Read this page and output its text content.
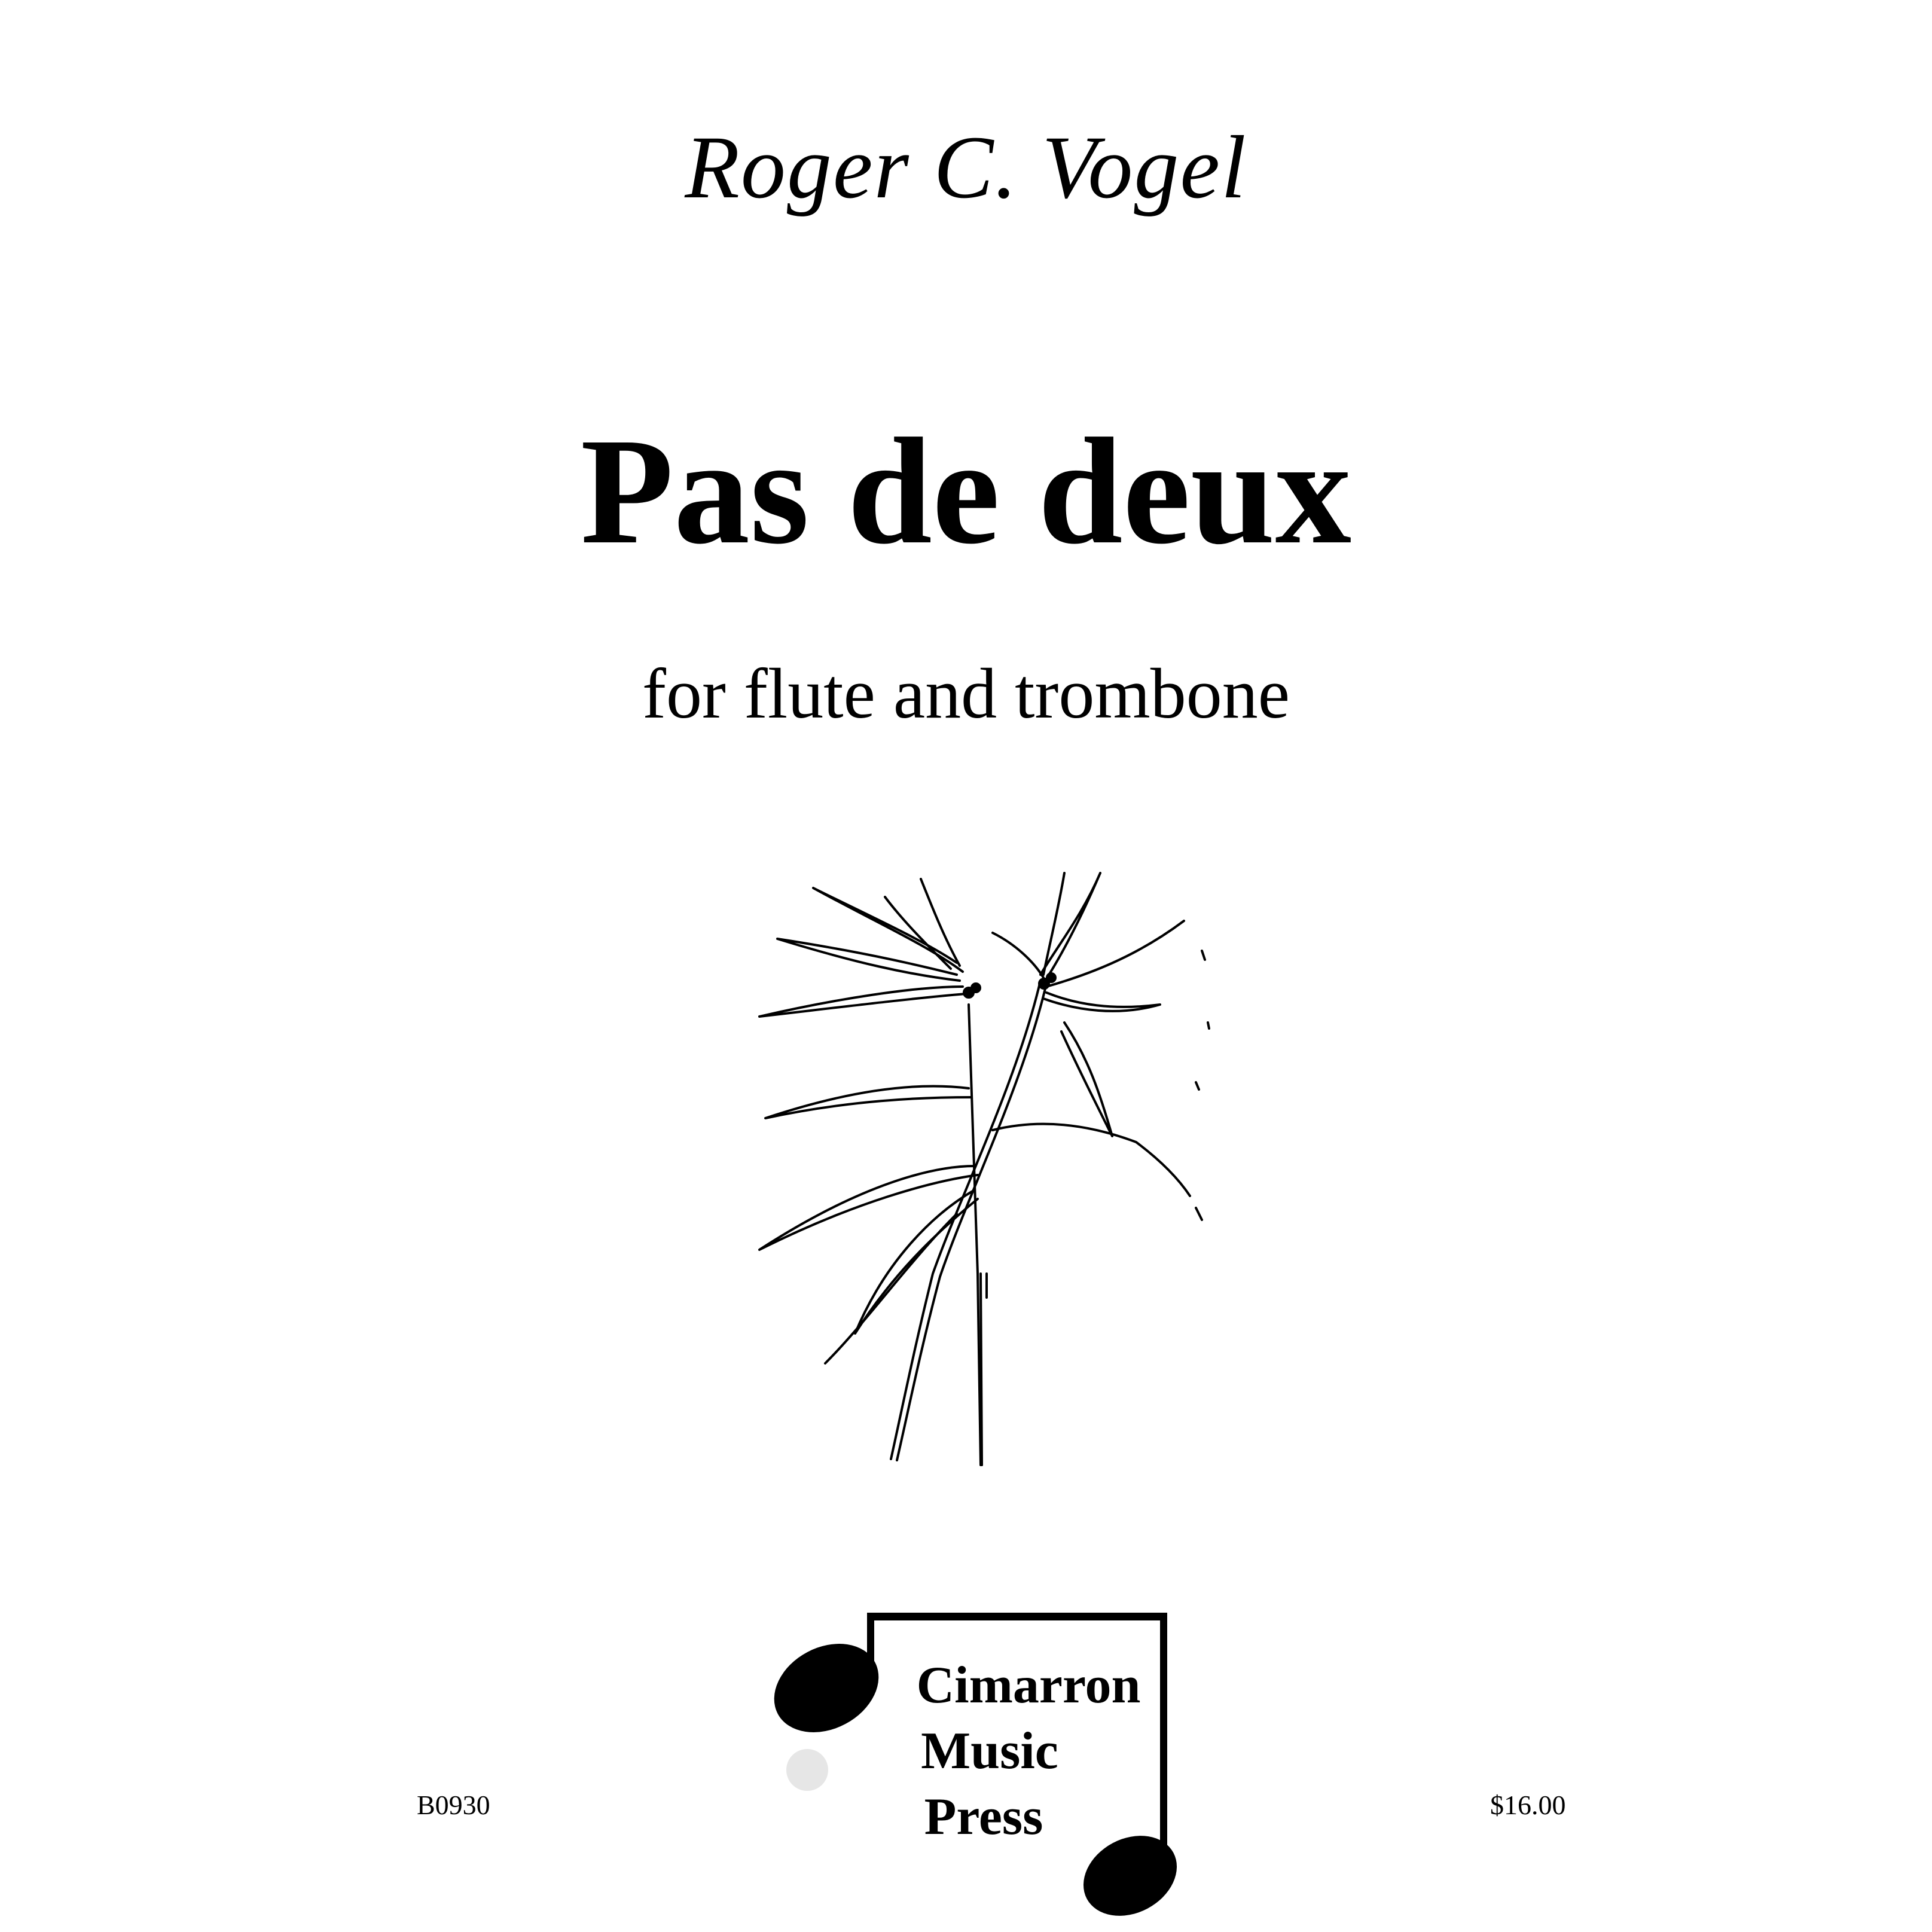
Roger C. Vogel
Pas de deux
for flute and trombone
Cimarron
Music
Press
B0930	$16.00
